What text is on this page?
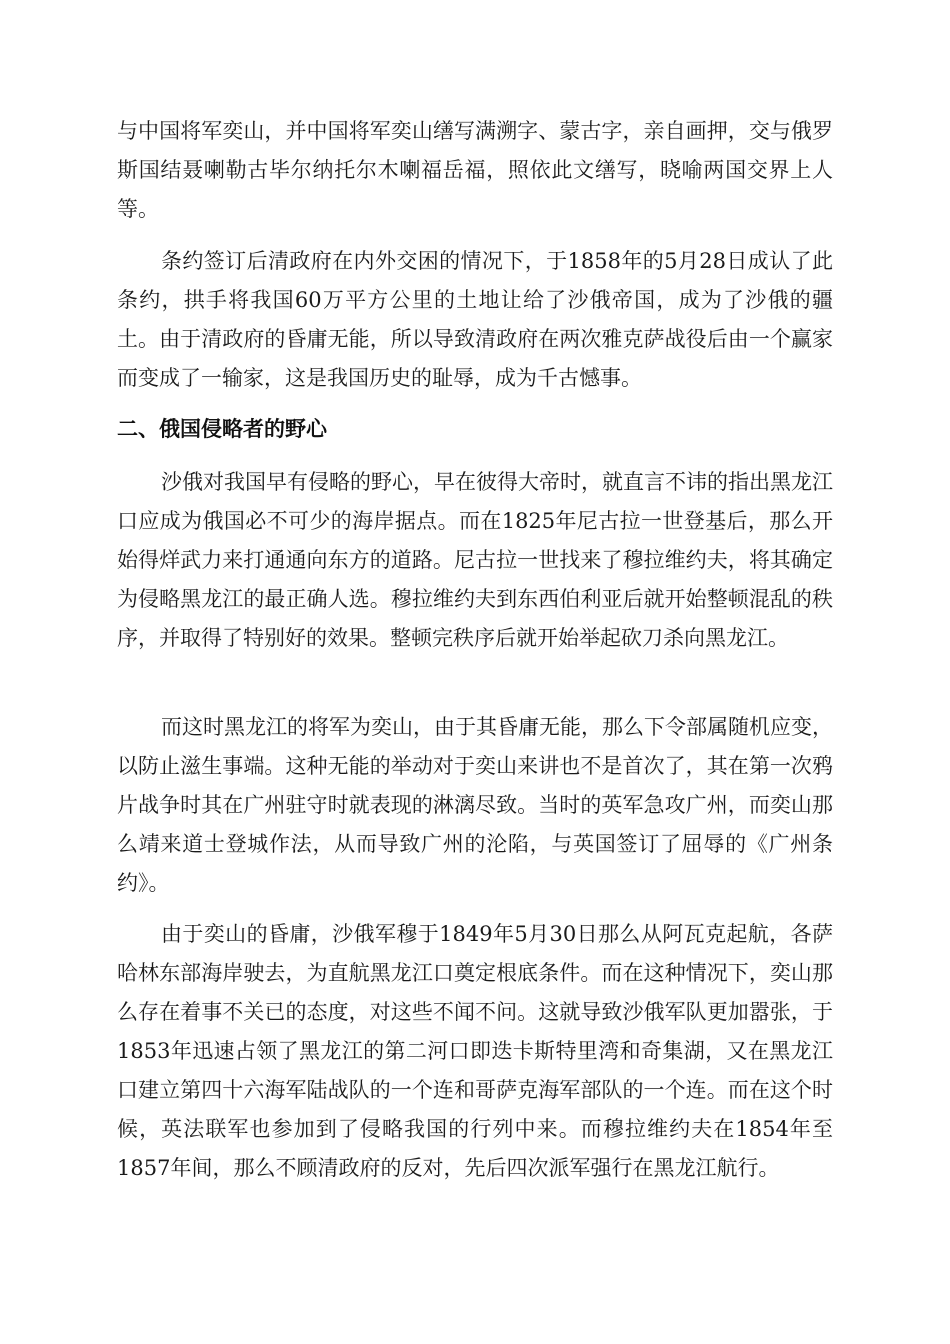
与中国将军奕山，并中国将军奕山缮写满溯字、蒙古字，亲自画押，交与俄罗斯国结聂喇勒古毕尔纳托尔木喇福岳福，照依此文缮写，晓喻两国交界上人等。

条约签订后清政府在内外交困的情况下，于1858年的5月28日成认了此条约，拱手将我国60万平方公里的土地让给了沙俄帝国，成为了沙俄的疆土。由于清政府的昏庸无能，所以导致清政府在两次雅克萨战役后由一个赢家而变成了一输家，这是我国历史的耻辱，成为千古憾事。

二、俄国侵略者的野心

沙俄对我国早有侵略的野心，早在彼得大帝时，就直言不讳的指出黑龙江口应成为俄国必不可少的海岸据点。而在1825年尼古拉一世登基后，那么开始得烊武力来打通通向东方的道路。尼古拉一世找来了穆拉维约夫，将其确定为侵略黑龙江的最正确人选。穆拉维约夫到东西伯利亚后就开始整顿混乱的秩序，并取得了特别好的效果。整顿完秩序后就开始举起砍刀杀向黑龙江。

而这时黑龙江的将军为奕山，由于其昏庸无能，那么下令部属随机应变，以防止滋生事端。这种无能的举动对于奕山来讲也不是首次了，其在第一次鸦片战争时其在广州驻守时就表现的淋漓尽致。当时的英军急攻广州，而奕山那么靖来道士登城作法，从而导致广州的沦陷，与英国签订了屈辱的《广州条约》。

由于奕山的昏庸，沙俄军穆于1849年5月30日那么从阿瓦克起航，各萨哈林东部海岸驶去，为直航黑龙江口奠定根底条件。而在这种情况下，奕山那么存在着事不关已的态度，对这些不闻不问。这就导致沙俄军队更加嚣张，于1853年迅速占领了黑龙江的第二河口即迭卡斯特里湾和奇集湖，又在黑龙江口建立第四十六海军陆战队的一个连和哥萨克海军部队的一个连。而在这个时候，英法联军也参加到了侵略我国的行列中来。而穆拉维约夫在1854年至1857年间，那么不顾清政府的反对，先后四次派军强行在黑龙江航行。
